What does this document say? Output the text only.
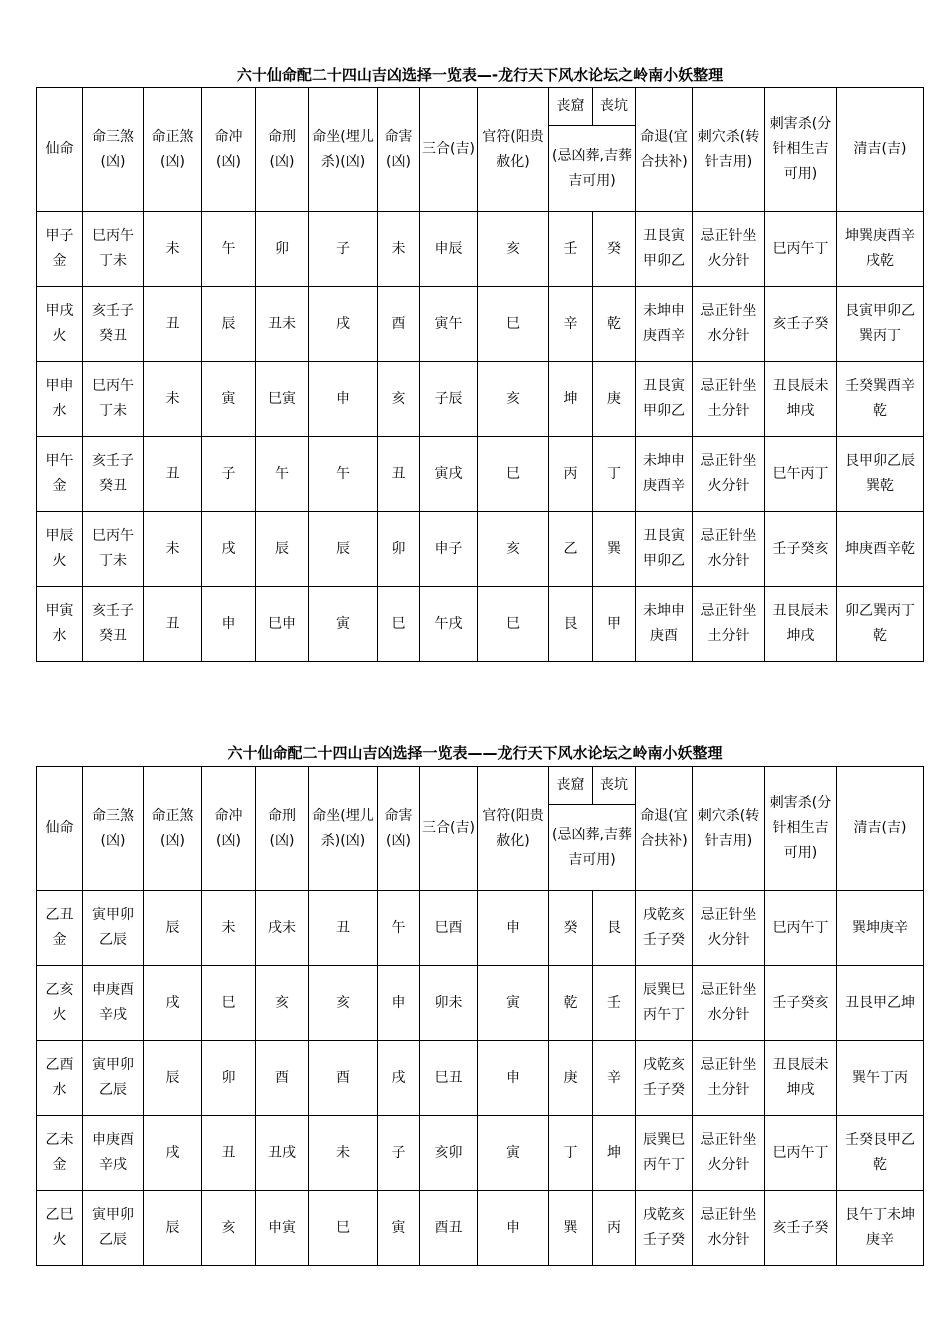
六十仙命配二十四山吉凶选择一览表—-龙行天下风水论坛之岭南小妖整理
仙命	命三煞(凶)	命正煞(凶)	命冲(凶)	命刑(凶)	命坐(埋儿杀)(凶)	命害(凶)	三合(吉)	官符(阳贵赦化)	丧窟	丧坑	命退(宜合扶补)	刺穴杀(转针吉用)	刺害杀(分针相生吉可用)	清吉(吉)
									(忌凶葬,吉葬吉可用)					
甲子金	巳丙午丁未	未	午	卯	子	未	申辰	亥	壬	癸	丑艮寅甲卯乙	忌正针坐火分针	巳丙午丁	坤巽庚酉辛戌乾
甲戌火	亥壬子癸丑	丑	辰	丑未	戌	酉	寅午	巳	辛	乾	未坤申庚酉辛	忌正针坐水分针	亥壬子癸	艮寅甲卯乙巽丙丁
甲申水	巳丙午丁未	未	寅	巳寅	申	亥	子辰	亥	坤	庚	丑艮寅甲卯乙	忌正针坐土分针	丑艮辰未坤戌	壬癸巽酉辛乾
甲午金	亥壬子癸丑	丑	子	午	午	丑	寅戌	巳	丙	丁	未坤申庚酉辛	忌正针坐火分针	巳午丙丁	艮甲卯乙辰巽乾
甲辰火	巳丙午丁未	未	戌	辰	辰	卯	申子	亥	乙	巽	丑艮寅甲卯乙	忌正针坐水分针	壬子癸亥	坤庚酉辛乾
甲寅水	亥壬子癸丑	丑	申	巳申	寅	巳	午戌	巳	艮	甲	未坤申庚酉	忌正针坐土分针	丑艮辰未坤戌	卯乙巽丙丁乾
六十仙命配二十四山吉凶选择一览表——龙行天下风水论坛之岭南小妖整理
仙命	命三煞(凶)	命正煞(凶)	命冲(凶)	命刑(凶)	命坐(埋儿杀)(凶)	命害(凶)	三合(吉)	官符(阳贵赦化)	丧窟	丧坑	命退(宜合扶补)	刺穴杀(转针吉用)	刺害杀(分针相生吉可用)	清吉(吉)
									(忌凶葬,吉葬吉可用)					
乙丑金	寅甲卯乙辰	辰	未	戌未	丑	午	巳酉	申	癸	艮	戌乾亥壬子癸	忌正针坐火分针	巳丙午丁	巽坤庚辛
乙亥火	申庚酉辛戌	戌	巳	亥	亥	申	卯未	寅	乾	壬	辰巽巳丙午丁	忌正针坐水分针	壬子癸亥	丑艮甲乙坤
乙酉水	寅甲卯乙辰	辰	卯	酉	酉	戌	巳丑	申	庚	辛	戌乾亥壬子癸	忌正针坐土分针	丑艮辰未坤戌	巽午丁丙
乙未金	申庚酉辛戌	戌	丑	丑戌	未	子	亥卯	寅	丁	坤	辰巽巳丙午丁	忌正针坐火分针	巳丙午丁	壬癸艮甲乙乾
乙巳火	寅甲卯乙辰	辰	亥	申寅	巳	寅	酉丑	申	巽	丙	戌乾亥壬子癸	忌正针坐水分针	亥壬子癸	艮午丁未坤庚辛
